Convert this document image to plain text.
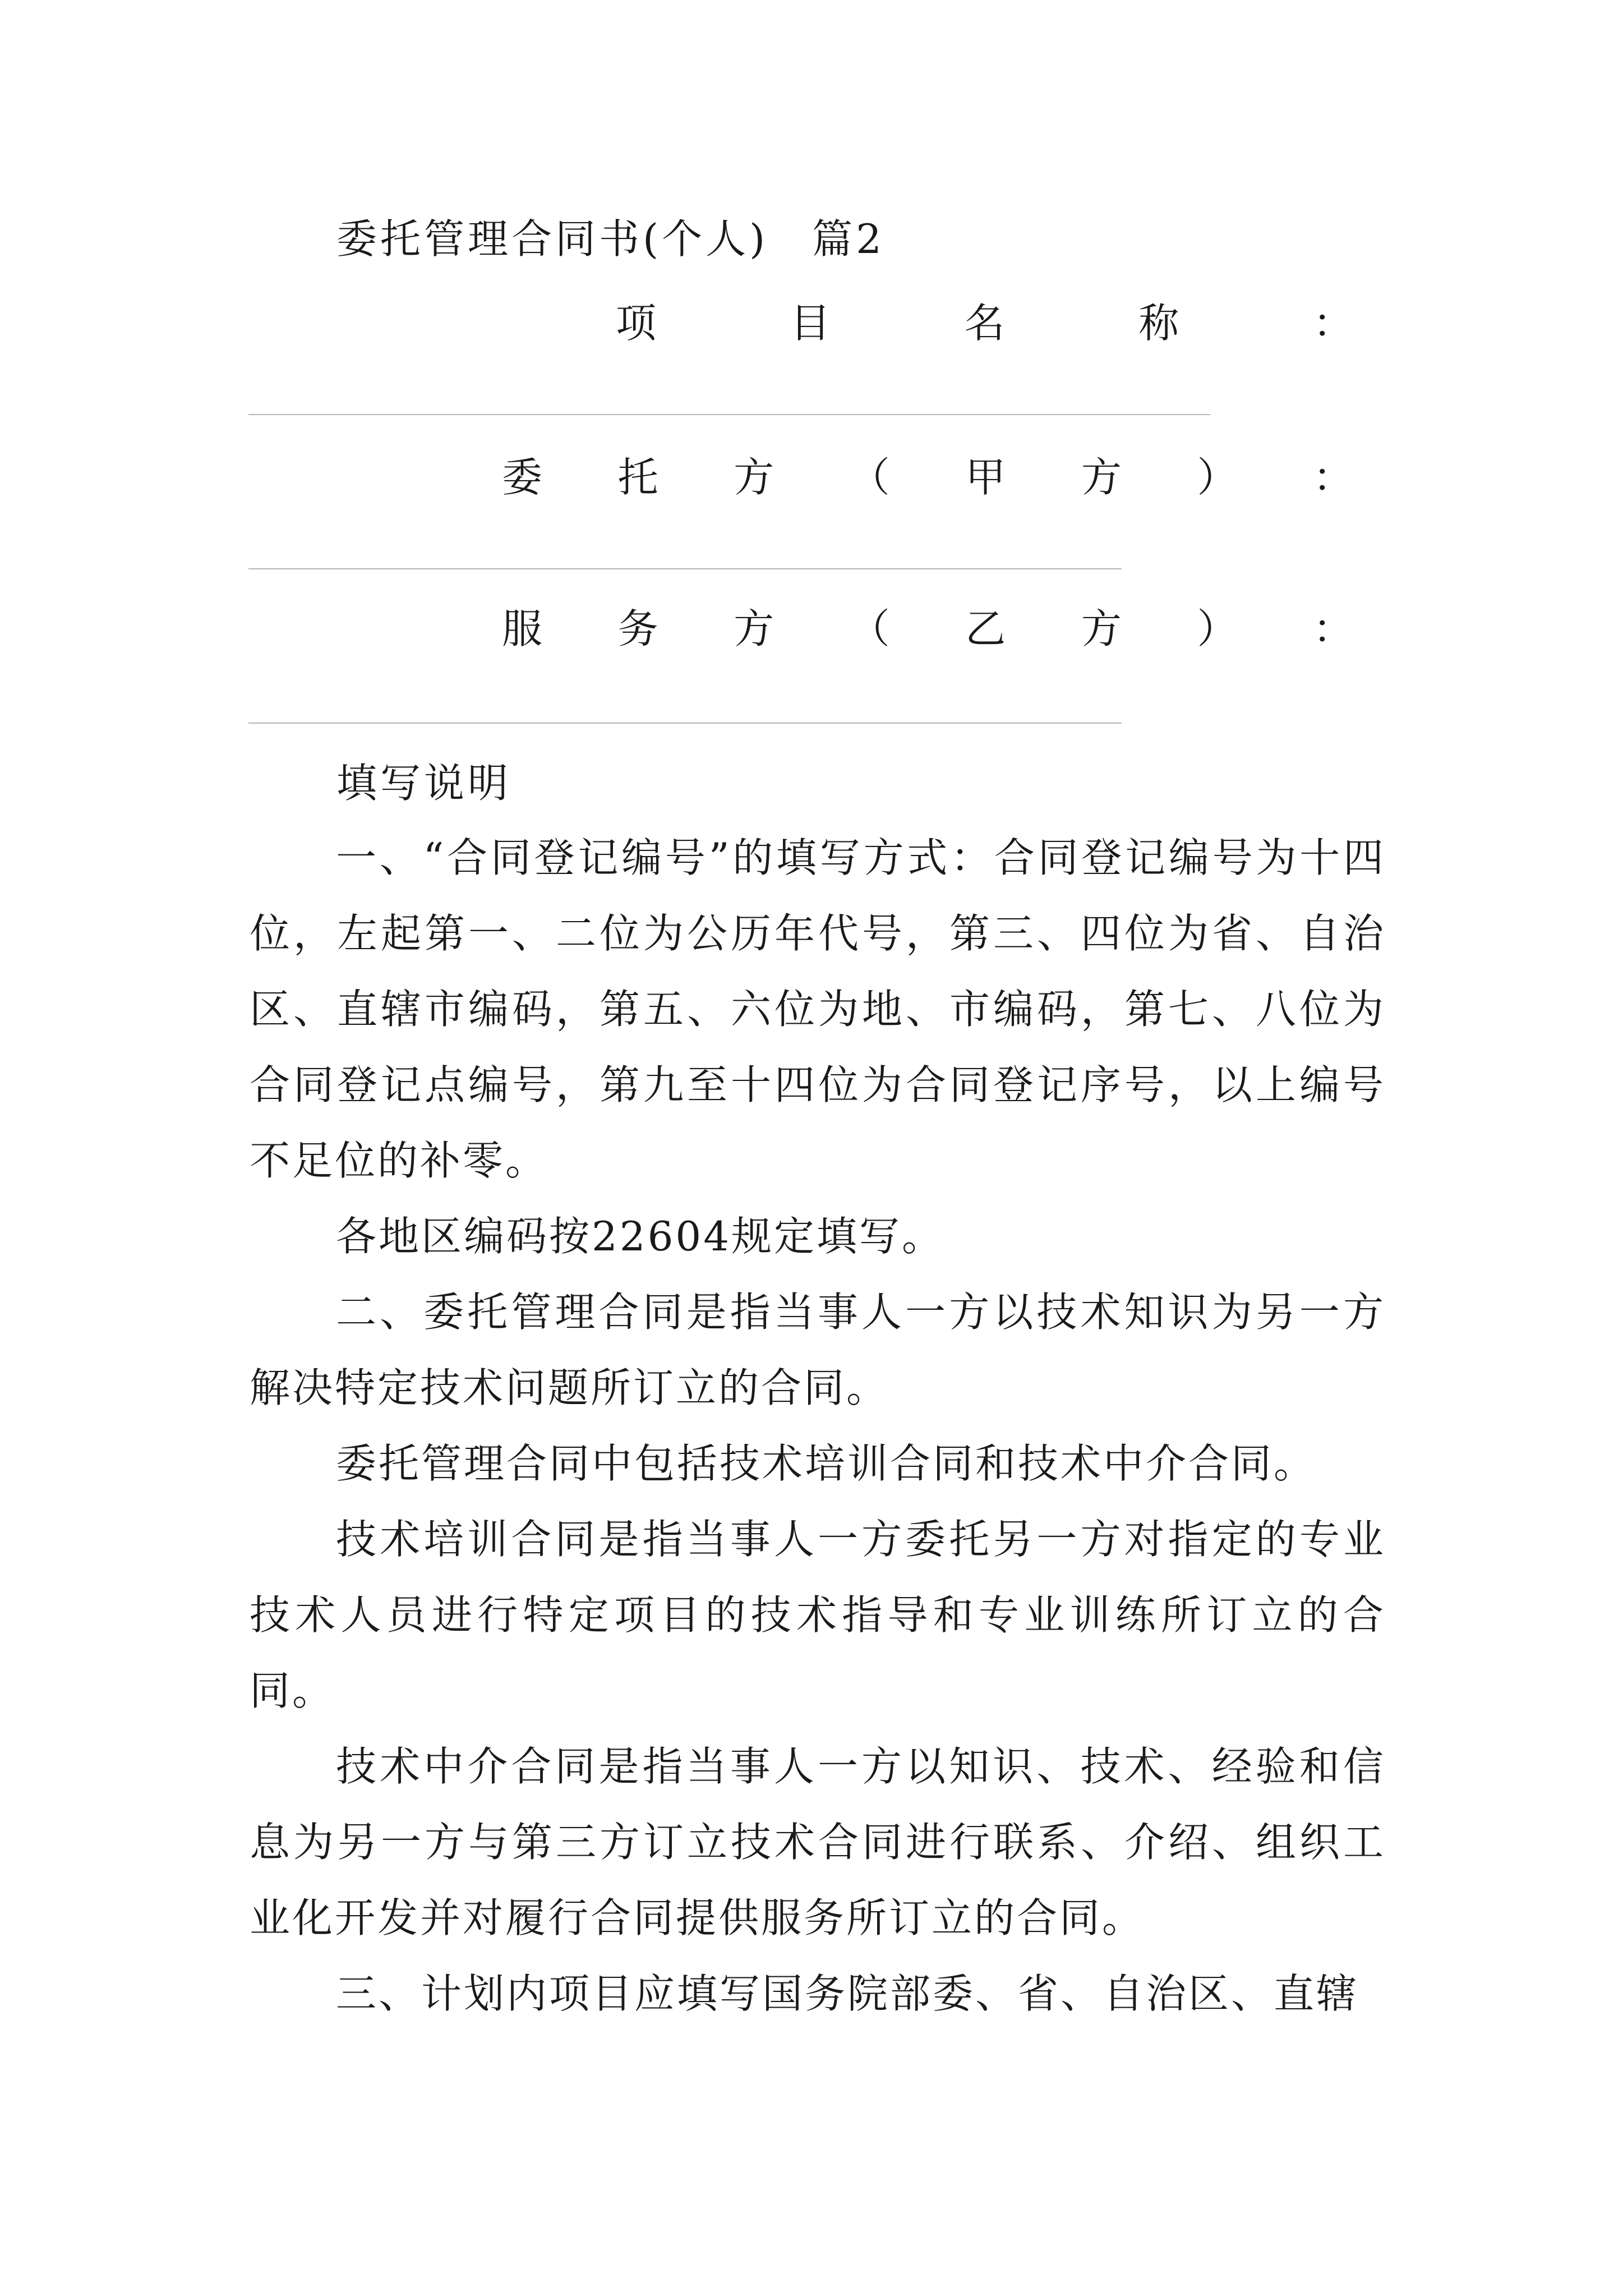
委托管理合同书(个人)　篇2
项	目	名	称	：
委 托 方 （ 甲 方 ） ：
服 务 方 （ 乙 方 ） ：
填写说明

一、“合同登记编号”的填写方式：合同登记编号为十四位，左起第一、二位为公历年代号，第三、四位为省、自治区、直辖市编码，第五、六位为地、市编码，第七、八位为合同登记点编号，第九至十四位为合同登记序号，以上编号不足位的补零。

各地区编码按22604规定填写。

二、委托管理合同是指当事人一方以技术知识为另一方解决特定技术问题所订立的合同。

委托管理合同中包括技术培训合同和技术中介合同。

技术培训合同是指当事人一方委托另一方对指定的专业技术人员进行特定项目的技术指导和专业训练所订立的合同。

技术中介合同是指当事人一方以知识、技术、经验和信息为另一方与第三方订立技术合同进行联系、介绍、组织工业化开发并对履行合同提供服务所订立的合同。

三、计划内项目应填写国务院部委、省、自治区、直辖
